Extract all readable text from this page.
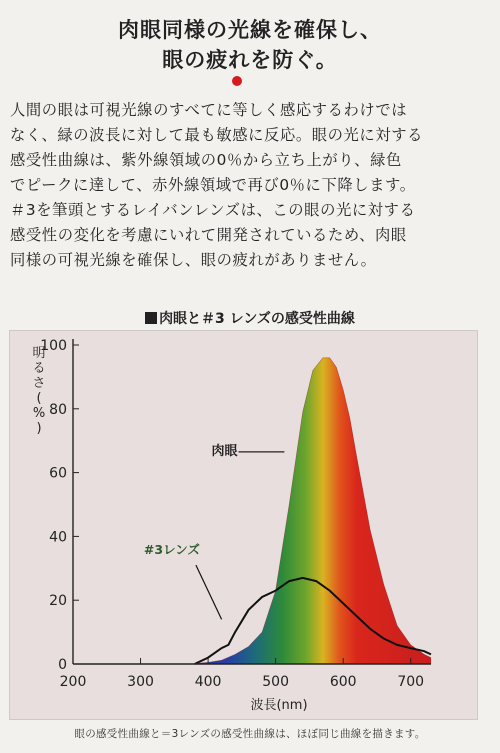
肉眼同様の光線を確保し、
眼の疲れを防ぐ。
人間の眼は可視光線のすべてに等しく感応するわけでは
なく、緑の波長に対して最も敏感に反応。眼の光に対する
感受性曲線は、紫外線領域の0％から立ち上がり、緑色
でピークに達して、赤外線領域で再び0％に下降します。
＃3を筆頭とするレイバンレンズは、この眼の光に対する
感受性の変化を考慮にいれて開発されているため、肉眼
同様の可視光線を確保し、眼の疲れがありません。
肉眼と＃3 レンズの感受性曲線
0
20
40
60
80
100
200	300	400	500	600	700
明
る
さ
(
%
)
波長(nm)
肉眼
#3レンズ
眼の感受性曲線と＝3レンズの感受性曲線は、ほぼ同じ曲線を描きます。
